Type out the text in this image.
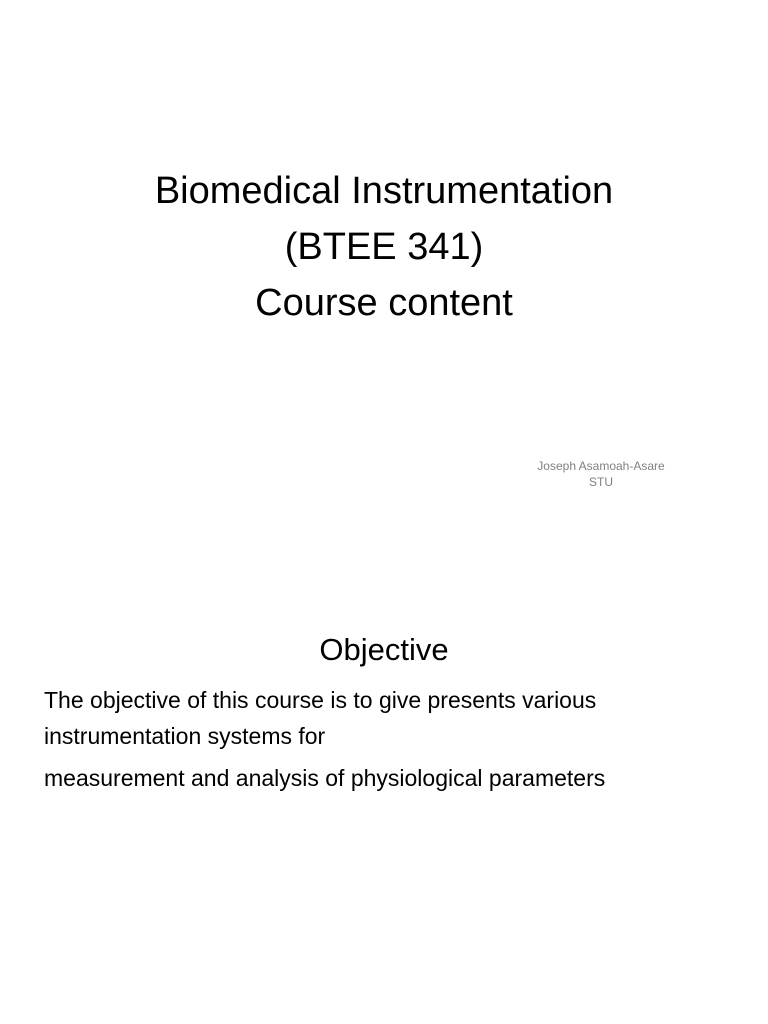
Biomedical Instrumentation
(BTEE 341)
Course content
Joseph Asamoah-Asare
STU
Objective
The objective of this course is to give presents various
instrumentation systems for
measurement and analysis of physiological parameters
